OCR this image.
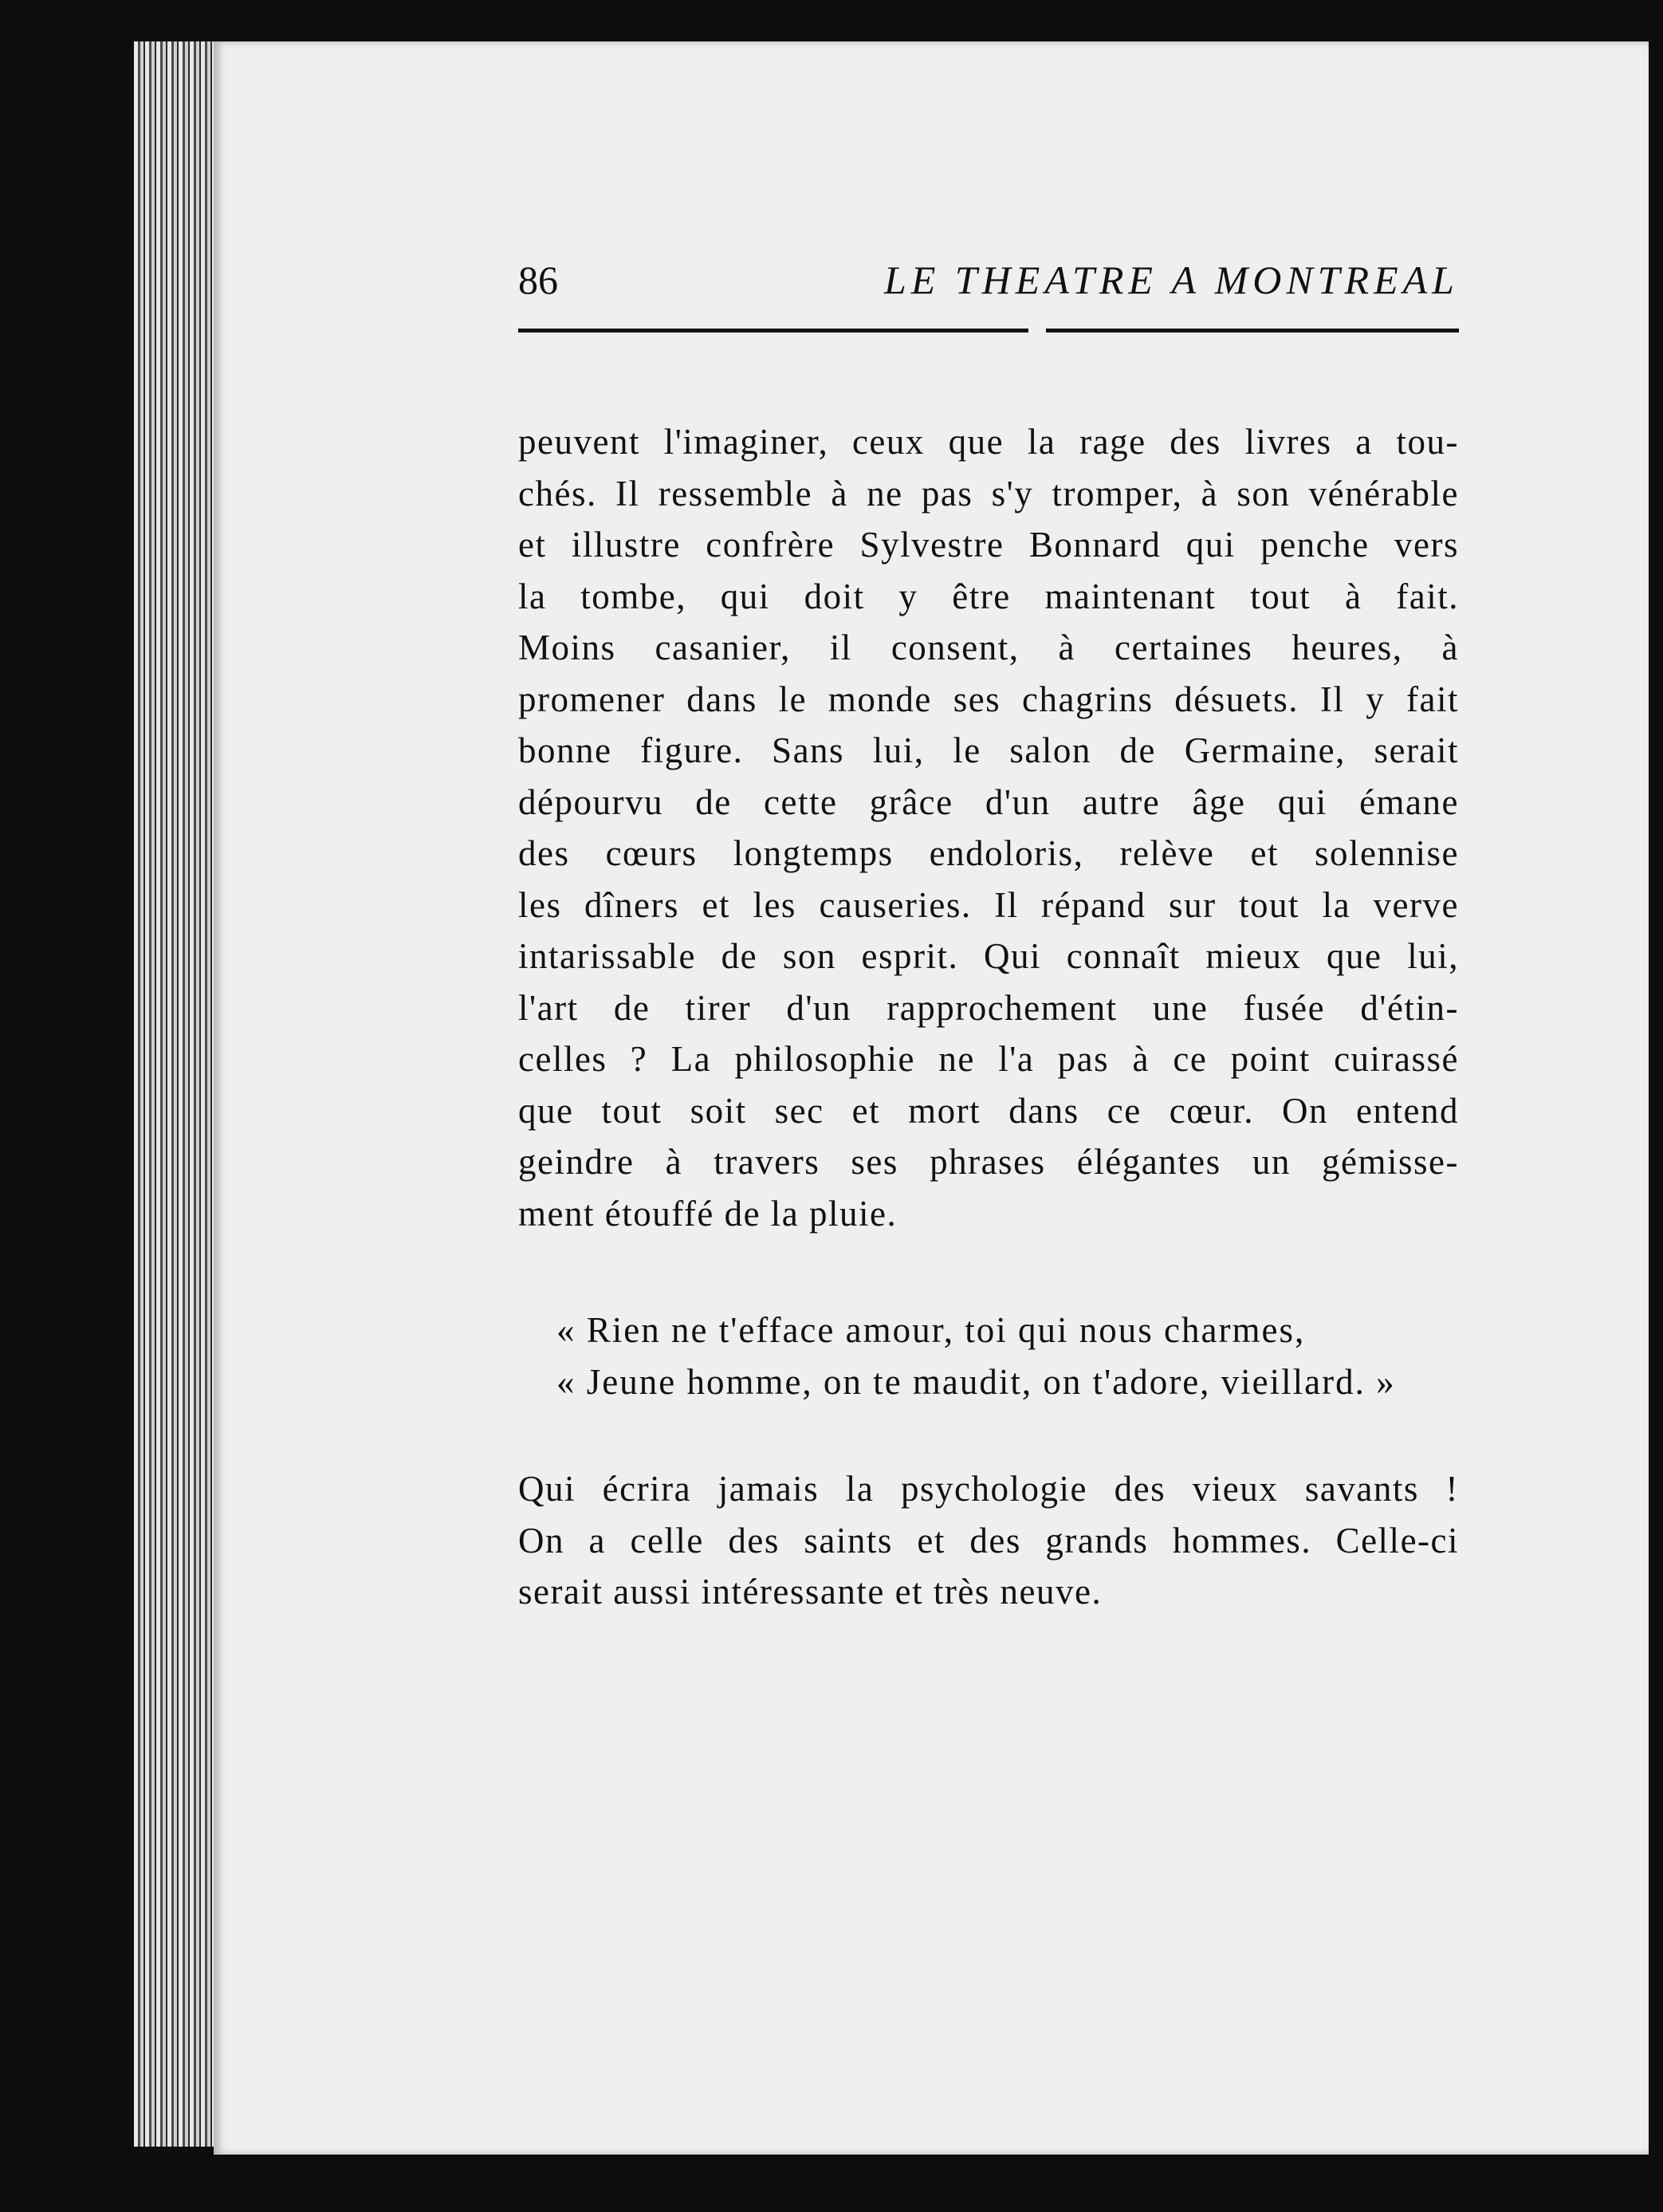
86	LE THEATRE A MONTREAL
peuvent l'imaginer, ceux que la rage des livres a tou-
chés. Il ressemble à ne pas s'y tromper, à son vénérable
et illustre confrère Sylvestre Bonnard qui penche vers
la tombe, qui doit y être maintenant tout à fait.
Moins casanier, il consent, à certaines heures, à
promener dans le monde ses chagrins désuets. Il y fait
bonne figure. Sans lui, le salon de Germaine, serait
dépourvu de cette grâce d'un autre âge qui émane
des cœurs longtemps endoloris, relève et solennise
les dîners et les causeries. Il répand sur tout la verve
intarissable de son esprit. Qui connaît mieux que lui,
l'art de tirer d'un rapprochement une fusée d'étin-
celles ? La philosophie ne l'a pas à ce point cuirassé
que tout soit sec et mort dans ce cœur. On entend
geindre à travers ses phrases élégantes un gémisse-
ment étouffé de la pluie.
« Rien ne t'efface amour, toi qui nous charmes,
« Jeune homme, on te maudit, on t'adore, vieillard. »
Qui écrira jamais la psychologie des vieux savants !
On a celle des saints et des grands hommes. Celle-ci
serait aussi intéressante et très neuve.
